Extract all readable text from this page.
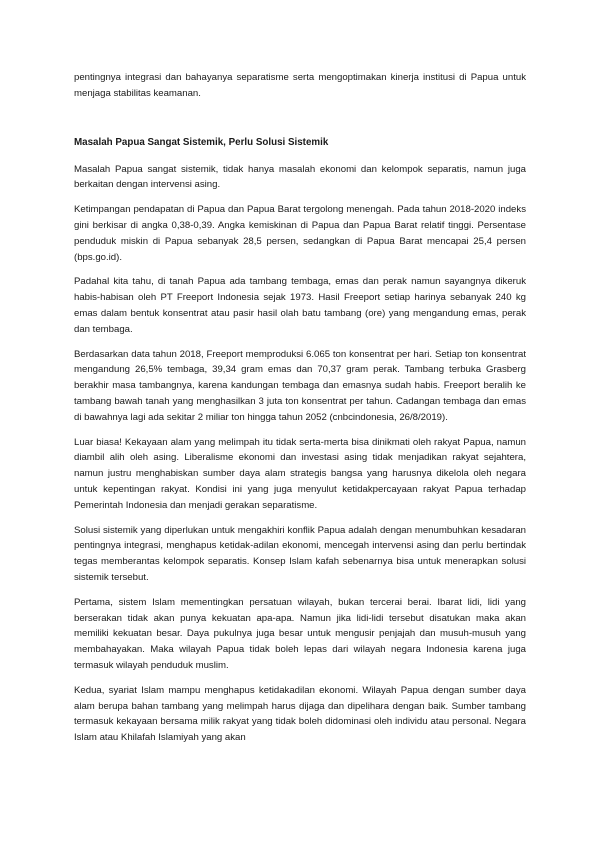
pentingnya integrasi dan bahayanya separatisme serta mengoptimakan kinerja institusi di Papua untuk menjaga stabilitas keamanan.

Masalah Papua Sangat Sistemik, Perlu Solusi Sistemik

Masalah Papua sangat sistemik, tidak hanya masalah ekonomi dan kelompok separatis, namun juga berkaitan dengan intervensi asing.

Ketimpangan pendapatan di Papua dan Papua Barat tergolong menengah. Pada tahun 2018-2020 indeks gini berkisar di angka 0,38-0,39. Angka kemiskinan di Papua dan Papua Barat relatif tinggi. Persentase penduduk miskin di Papua sebanyak 28,5 persen, sedangkan di Papua Barat mencapai 25,4 persen (bps.go.id).

Padahal kita tahu, di tanah Papua ada tambang tembaga, emas dan perak namun sayangnya dikeruk habis-habisan oleh PT Freeport Indonesia sejak 1973. Hasil Freeport setiap harinya sebanyak 240 kg emas dalam bentuk konsentrat atau pasir hasil olah batu tambang (ore) yang mengandung emas, perak dan tembaga.

Berdasarkan data tahun 2018, Freeport memproduksi 6.065 ton konsentrat per hari. Setiap ton konsentrat mengandung 26,5% tembaga, 39,34 gram emas dan 70,37 gram perak. Tambang terbuka Grasberg berakhir masa tambangnya, karena kandungan tembaga dan emasnya sudah habis. Freeport beralih ke tambang bawah tanah yang menghasilkan 3 juta ton konsentrat per tahun. Cadangan tembaga dan emas di bawahnya lagi ada sekitar 2 miliar ton hingga tahun 2052 (cnbcindonesia, 26/8/2019).

Luar biasa! Kekayaan alam yang melimpah itu tidak serta-merta bisa dinikmati oleh rakyat Papua, namun diambil alih oleh asing. Liberalisme ekonomi dan investasi asing tidak menjadikan rakyat sejahtera, namun justru menghabiskan sumber daya alam strategis bangsa yang harusnya dikelola oleh negara untuk kepentingan rakyat. Kondisi ini yang juga menyulut ketidakpercayaan rakyat Papua terhadap Pemerintah Indonesia dan menjadi gerakan separatisme.

Solusi sistemik yang diperlukan untuk mengakhiri konflik Papua adalah dengan menumbuhkan kesadaran pentingnya integrasi, menghapus ketidak-adilan ekonomi, mencegah intervensi asing dan perlu bertindak tegas memberantas kelompok separatis. Konsep Islam kafah sebenarnya bisa untuk menerapkan solusi sistemik tersebut.

Pertama, sistem Islam mementingkan persatuan wilayah, bukan tercerai berai. Ibarat lidi, lidi yang berserakan tidak akan punya kekuatan apa-apa. Namun jika lidi-lidi tersebut disatukan maka akan memiliki kekuatan besar. Daya pukulnya juga besar untuk mengusir penjajah dan musuh-musuh yang membahayakan. Maka wilayah Papua tidak boleh lepas dari wilayah negara Indonesia karena juga termasuk wilayah penduduk muslim.

Kedua, syariat Islam mampu menghapus ketidakadilan ekonomi. Wilayah Papua dengan sumber daya alam berupa bahan tambang yang melimpah harus dijaga dan dipelihara dengan baik. Sumber tambang termasuk kekayaan bersama milik rakyat yang tidak boleh didominasi oleh individu atau personal. Negara Islam atau Khilafah Islamiyah yang akan
